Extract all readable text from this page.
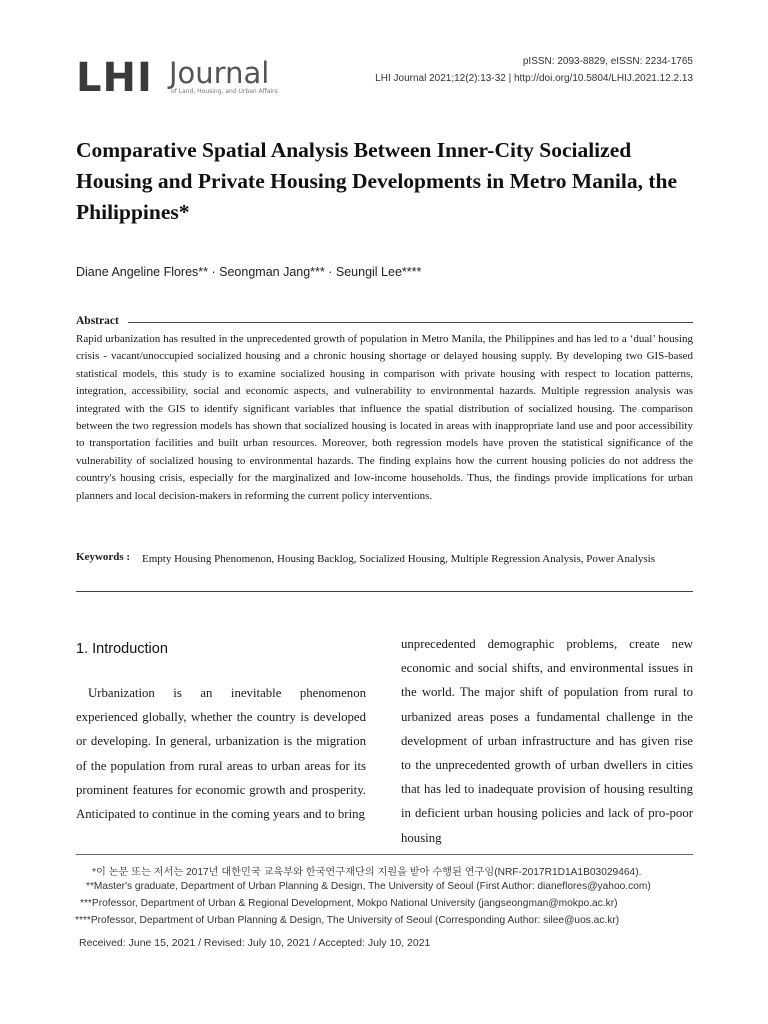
LHI Journal
of Land, Housing, and Urban Affairs
pISSN: 2093-8829, eISSN: 2234-1765
LHI Journal 2021;12(2):13-32 | http://doi.org/10.5804/LHIJ.2021.12.2.13
Comparative Spatial Analysis Between Inner-City Socialized Housing and Private Housing Developments in Metro Manila, the Philippines*
Diane Angeline Flores** · Seongman Jang*** · Seungil Lee****
Abstract
Rapid urbanization has resulted in the unprecedented growth of population in Metro Manila, the Philippines and has led to a ‘dual’ housing crisis - vacant/unoccupied socialized housing and a chronic housing shortage or delayed housing supply. By developing two GIS-based statistical models, this study is to examine socialized housing in comparison with private housing with respect to location patterns, integration, accessibility, social and economic aspects, and vulnerability to environmental hazards. Multiple regression analysis was integrated with the GIS to identify significant variables that influence the spatial distribution of socialized housing. The comparison between the two regression models has shown that socialized housing is located in areas with inappropriate land use and poor accessibility to transportation facilities and built urban resources. Moreover, both regression models have proven the statistical significance of the vulnerability of socialized housing to environmental hazards. The finding explains how the current housing policies do not address the country's housing crisis, especially for the marginalized and low-income households. Thus, the findings provide implications for urban planners and local decision-makers in reforming the current policy interventions.
Keywords : Empty Housing Phenomenon, Housing Backlog, Socialized Housing, Multiple Regression Analysis, Power Analysis
1. Introduction
Urbanization is an inevitable phenomenon experienced globally, whether the country is developed or developing. In general, urbanization is the migration of the population from rural areas to urban areas for its prominent features for economic growth and prosperity. Anticipated to continue in the coming years and to bring
unprecedented demographic problems, create new economic and social shifts, and environmental issues in the world. The major shift of population from rural to urbanized areas poses a fundamental challenge in the development of urban infrastructure and has given rise to the unprecedented growth of urban dwellers in cities that has led to inadequate provision of housing resulting in deficient urban housing policies and lack of pro-poor housing
*이 논문 또는 저서는 2017년 대한민국 교육부와 한국연구재단의 지원을 받아 수행된 연구임(NRF-2017R1D1A1B03029464).
**Master's graduate, Department of Urban Planning & Design, The University of Seoul (First Author: dianeflores@yahoo.com)
***Professor, Department of Urban & Regional Development, Mokpo National University (jangseongman@mokpo.ac.kr)
****Professor, Department of Urban Planning & Design, The University of Seoul (Corresponding Author: silee@uos.ac.kr)
Received: June 15, 2021 / Revised: July 10, 2021 / Accepted: July 10, 2021
